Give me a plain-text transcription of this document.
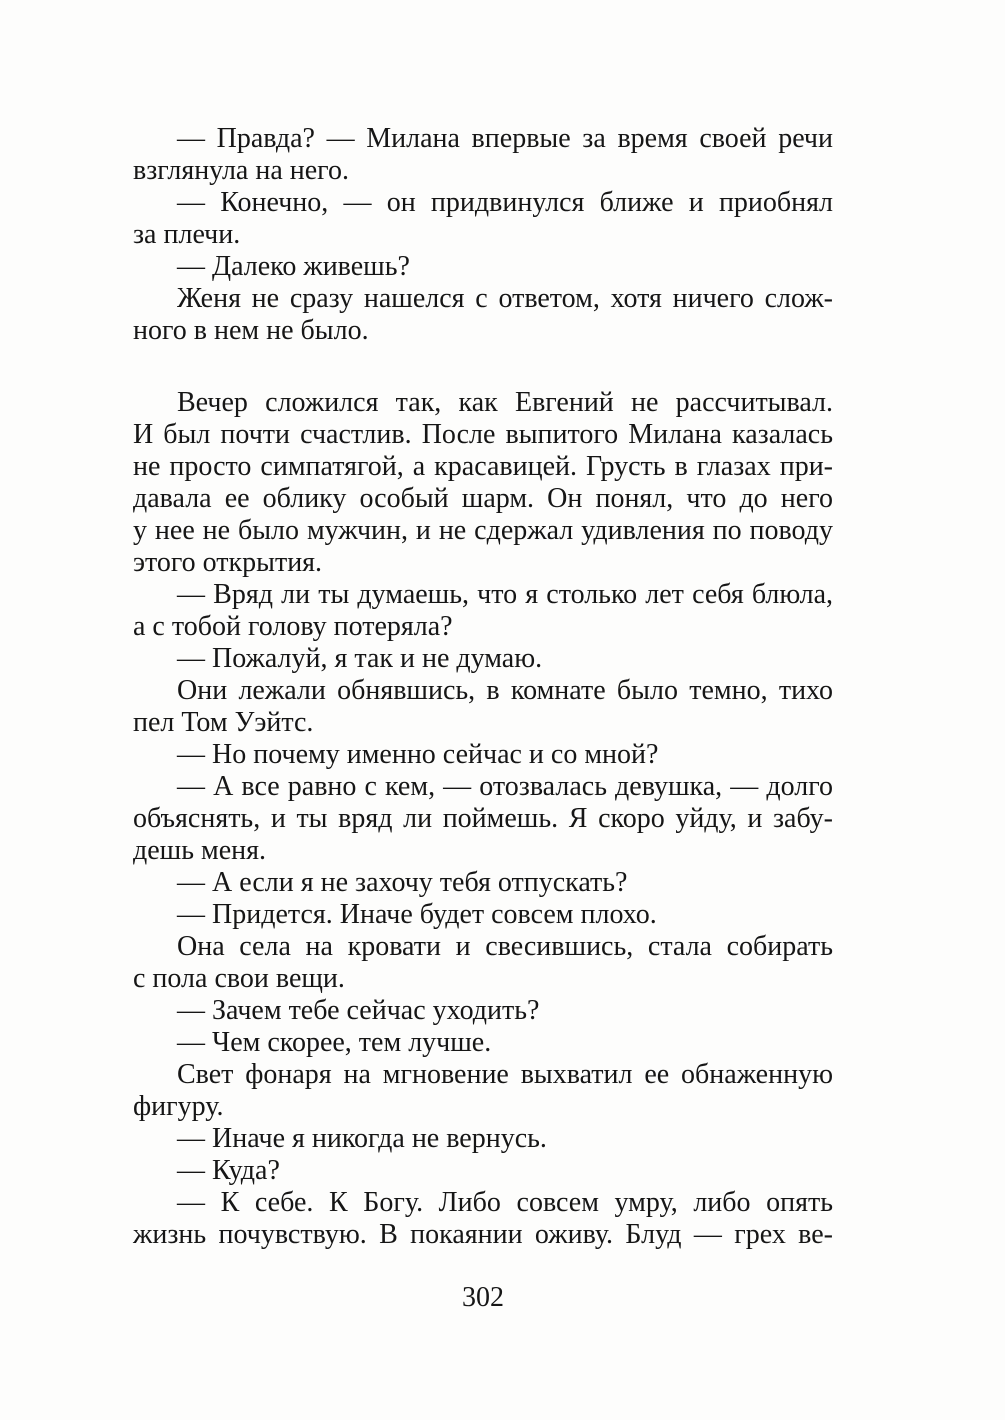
— Правда? — Милана впервые за время своей речи
взглянула на него.
— Конечно, — он придвинулся ближе и приобнял
за плечи.
— Далеко живешь?
Женя не сразу нашелся с ответом, хотя ничего слож-
ного в нем не было.
Вечер сложился так, как Евгений не рассчитывал.
И был почти счастлив. После выпитого Милана казалась
не просто симпатягой, а красавицей. Грусть в глазах при-
давала ее облику особый шарм. Он понял, что до него
у нее не было мужчин, и не сдержал удивления по поводу
этого открытия.
— Вряд ли ты думаешь, что я столько лет себя блюла,
а с тобой голову потеряла?
— Пожалуй, я так и не думаю.
Они лежали обнявшись, в комнате было темно, тихо
пел Том Уэйтс.
— Но почему именно сейчас и со мной?
— А все равно с кем, — отозвалась девушка, — долго
объяснять, и ты вряд ли поймешь. Я скоро уйду, и забу-
дешь меня.
— А если я не захочу тебя отпускать?
— Придется. Иначе будет совсем плохо.
Она села на кровати и свесившись, стала собирать
с пола свои вещи.
— Зачем тебе сейчас уходить?
— Чем скорее, тем лучше.
Свет фонаря на мгновение выхватил ее обнаженную
фигуру.
— Иначе я никогда не вернусь.
— Куда?
— К себе. К Богу. Либо совсем умру, либо опять
жизнь почувствую. В покаянии оживу. Блуд — грех ве-
302
